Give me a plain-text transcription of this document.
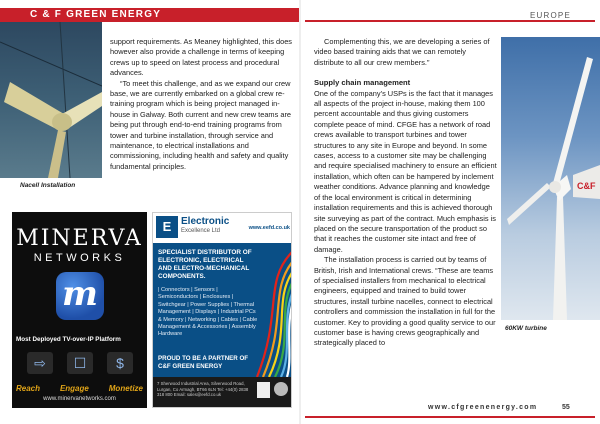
C & F GREEN ENERGY	EUROPE
Nacell Installation

support requirements. As Meaney highlighted, this does however also provide a challenge in terms of keeping crews up to speed on latest process and procedural advances.

“To meet this challenge, and as we expand our crew base, we are currently embarked on a global crew re-training program which is being project managed in-house in Galway. Both current and new crew teams are being put through end-to-end training programs from tower and turbine installation, through service and maintenance, to electrical installations and commissioning, including health and safety and quality fundamental principles.

MINERVA
NETWORKS
m
Most Deployed TV-over-IP Platform
⇨	☐	$
Reach Engage Monetize
www.minervanetworks.com
E Electronic
Excellence Ltd	www.eefd.co.uk
SPECIALIST DISTRIBUTOR OF ELECTRONIC, ELECTRICAL AND ELECTRO-MECHANICAL COMPONENTS.
| Connectors | Sensors | Semiconductors | Enclosures | Switchgear | Power Supplies | Thermal Management | Displays | Industrial PCs & Memory | Networking | Cables | Cable Management & Accessories | Assembly Hardware
PROUD TO BE A PARTNER OF C&F GREEN ENERGY
7 Sherwood Industrial Area, Silverwood Road, Lurgan, Co Armagh, BT66 6LN Tel: +44(0) 2838 318 800 Email: sales@eefd.co.uk

Complementing this, we are developing a series of video based training aids that we can remotely distribute to all our crew members.”

Supply chain management

One of the company’s USPs is the fact that it manages all aspects of the project in-house, making them 100 percent accountable and thus giving customers complete peace of mind. CFGE has a network of road crews available to transport turbines and tower structures to any site in Europe and beyond. In some cases, access to a customer site may be challenging and require specialised machinery to ensure an efficient installation, which often can be hampered by inclement weather conditions. Advance planning and knowledge of the local environment is critical in determining installation requirements and this is achieved thorough site surveying as part of the contract. Much emphasis is placed on the secure transportation of the product so that it reaches the customer site intact and free of damage.

The installation process is carried out by teams of British, Irish and International crews. “These are teams of specialised installers from mechanical to electrical engineers, equipped and trained to build tower structures, install turbine nacelles, connect to electrical controllers and commission the installation in full for the customer. Key to providing a good quality service to our customer base is having crews geographically and strategically placed to

C&F
60KW turbine
www.cfgreenenergy.com	55
